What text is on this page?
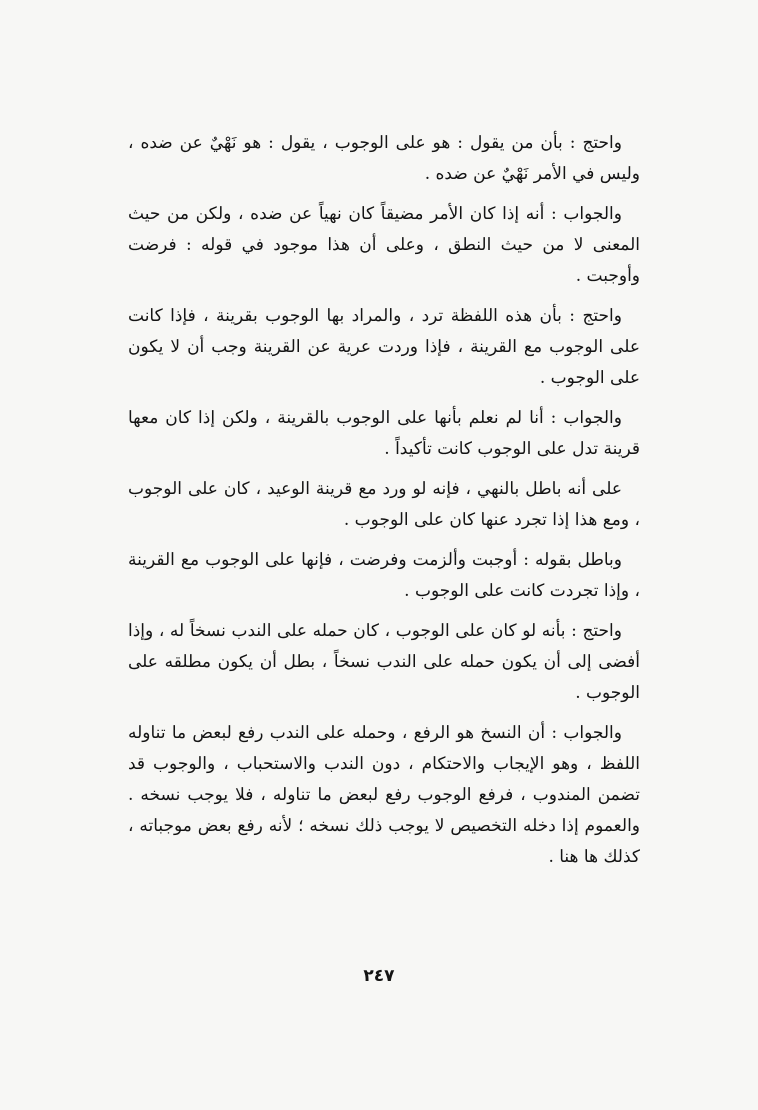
واحتج : بأن من يقول : هو على الوجوب ، يقول : هو نَهْيٌ عن ضده ، وليس في الأمر نَهْيٌ عن ضده .

والجواب : أنه إذا كان الأمر مضيقاً كان نهياً عن ضده ، ولكن من حيث المعنى لا من حيث النطق ، وعلى أن هذا موجود في قوله : فرضت وأوجبت .

واحتج : بأن هذه اللفظة ترد ، والمراد بها الوجوب بقرينة ، فإذا كانت على الوجوب مع القرينة ، فإذا وردت عرية عن القرينة وجب أن لا يكون على الوجوب .

والجواب : أنا لم نعلم بأنها على الوجوب بالقرينة ، ولكن إذا كان معها قرينة تدل على الوجوب كانت تأكيداً .

على أنه باطل بالنهي ، فإنه لو ورد مع قرينة الوعيد ، كان على الوجوب ، ومع هذا إذا تجرد عنها كان على الوجوب .

وباطل بقوله : أوجبت وألزمت وفرضت ، فإنها على الوجوب مع القرينة ، وإذا تجردت كانت على الوجوب .

واحتج : بأنه لو كان على الوجوب ، كان حمله على الندب نسخاً له ، وإذا أفضى إلى أن يكون حمله على الندب نسخاً ، بطل أن يكون مطلقه على الوجوب .

والجواب : أن النسخ هو الرفع ، وحمله على الندب رفع لبعض ما تناوله اللفظ ، وهو الإيجاب والاحتكام ، دون الندب والاستحباب ، والوجوب قد تضمن المندوب ، فرفع الوجوب رفع لبعض ما تناوله ، فلا يوجب نسخه . والعموم إذا دخله التخصيص لا يوجب ذلك نسخه ؛ لأنه رفع بعض موجباته ، كذلك ها هنا .

٢٤٧
